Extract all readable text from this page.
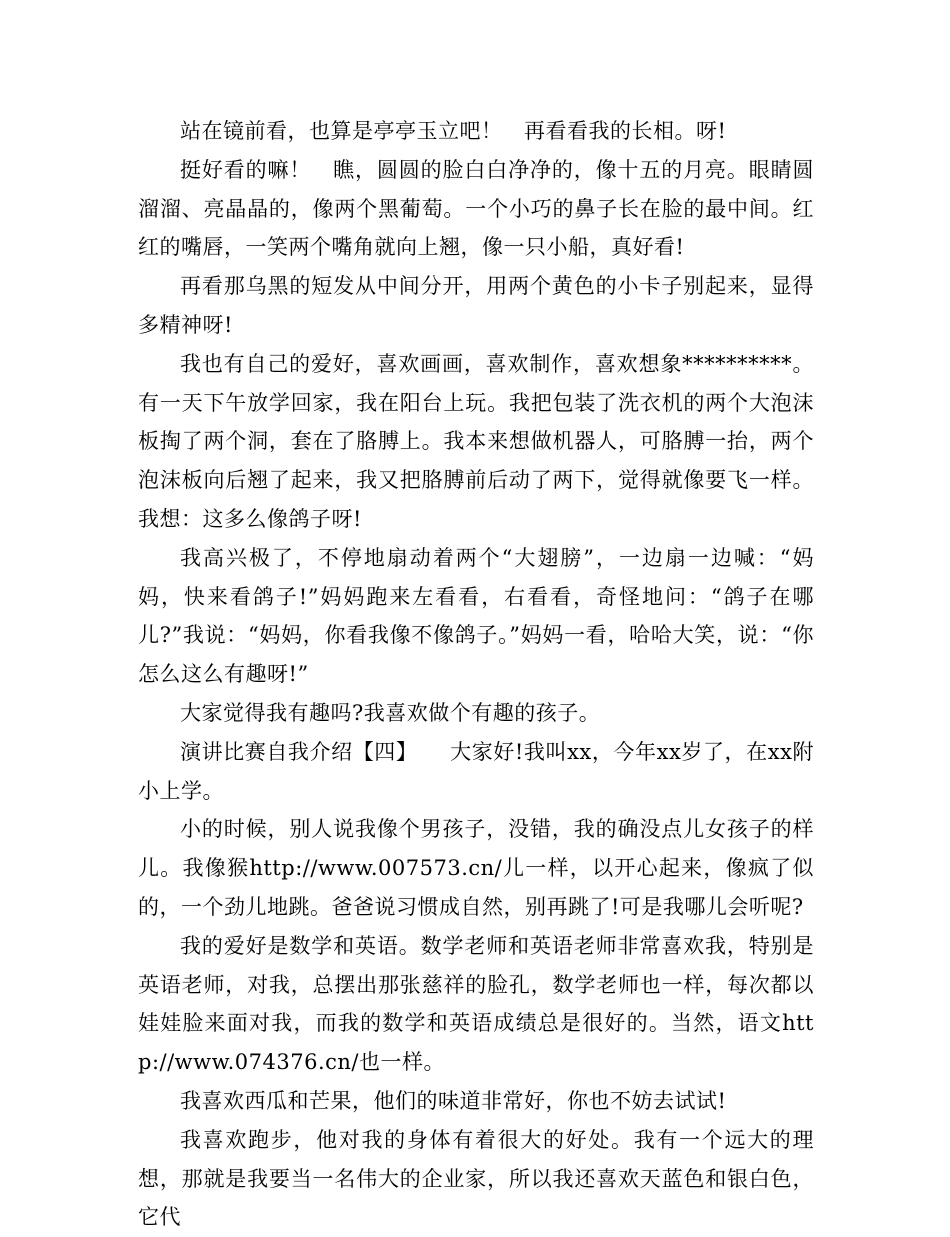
站在镜前看，也算是亭亭玉立吧！　再看看我的长相。呀!

挺好看的嘛！　瞧，圆圆的脸白白净净的，像十五的月亮。眼睛圆溜溜、亮晶晶的，像两个黑葡萄。一个小巧的鼻子长在脸的最中间。红红的嘴唇，一笑两个嘴角就向上翘，像一只小船，真好看!

再看那乌黑的短发从中间分开，用两个黄色的小卡子别起来，显得多精神呀!

我也有自己的爱好，喜欢画画，喜欢制作，喜欢想象**********。有一天下午放学回家，我在阳台上玩。我把包装了洗衣机的两个大泡沫板掏了两个洞，套在了胳膊上。我本来想做机器人，可胳膊一抬，两个泡沫板向后翘了起来，我又把胳膊前后动了两下，觉得就像要飞一样。我想：这多么像鸽子呀!

我高兴极了，不停地扇动着两个“大翅膀”，一边扇一边喊：“妈妈，快来看鸽子!”妈妈跑来左看看，右看看，奇怪地问：“鸽子在哪儿?”我说：“妈妈，你看我像不像鸽子。”妈妈一看，哈哈大笑，说：“你怎么这么有趣呀!”

大家觉得我有趣吗?我喜欢做个有趣的孩子。

演讲比赛自我介绍【四】　　大家好!我叫xx，今年xx岁了，在xx附小上学。

小的时候，别人说我像个男孩子，没错，我的确没点儿女孩子的样儿。我像猴http://www.007573.cn/儿一样，以开心起来，像疯了似的，一个劲儿地跳。爸爸说习惯成自然，别再跳了!可是我哪儿会听呢?

我的爱好是数学和英语。数学老师和英语老师非常喜欢我，特别是英语老师，对我，总摆出那张慈祥的脸孔，数学老师也一样，每次都以娃娃脸来面对我，而我的数学和英语成绩总是很好的。当然，语文http://www.074376.cn/也一样。

我喜欢西瓜和芒果，他们的味道非常好，你也不妨去试试!

我喜欢跑步，他对我的身体有着很大的好处。我有一个远大的理想，那就是我要当一名伟大的企业家，所以我还喜欢天蓝色和银白色，它代
